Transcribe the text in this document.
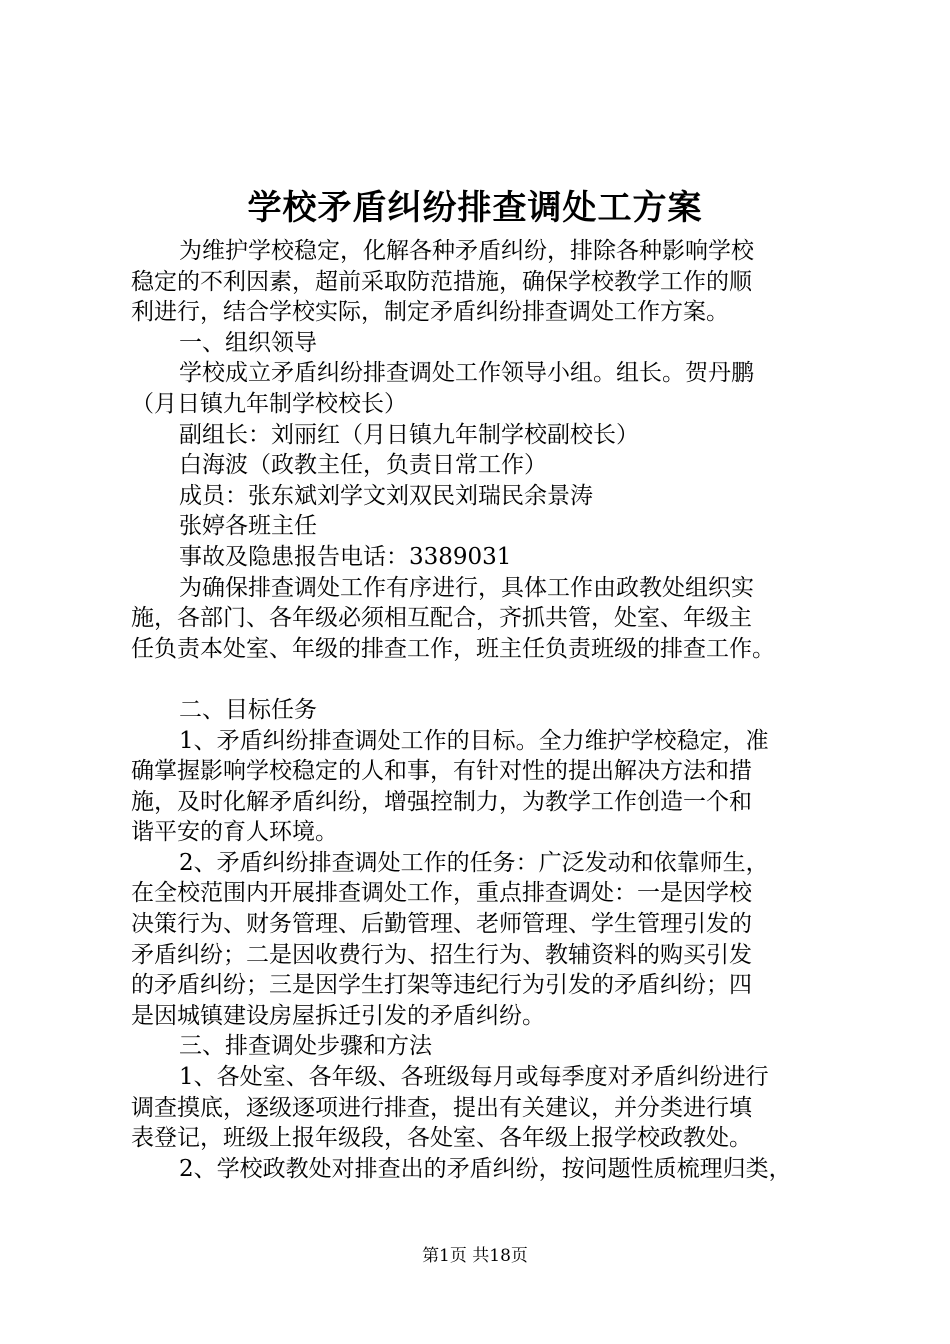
学校矛盾纠纷排查调处工方案
为维护学校稳定，化解各种矛盾纠纷，排除各种影响学校
稳定的不利因素，超前采取防范措施，确保学校教学工作的顺
利进行，结合学校实际，制定矛盾纠纷排查调处工作方案。
一、组织领导
学校成立矛盾纠纷排查调处工作领导小组。组长。贺丹鹏
（月日镇九年制学校校长）
副组长：刘丽红（月日镇九年制学校副校长）
白海波（政教主任，负责日常工作）
成员：张东斌刘学文刘双民刘瑞民余景涛
张婷各班主任
事故及隐患报告电话：3389031
为确保排查调处工作有序进行，具体工作由政教处组织实
施，各部门、各年级必须相互配合，齐抓共管，处室、年级主
任负责本处室、年级的排查工作，班主任负责班级的排查工作。
二、目标任务
1、矛盾纠纷排查调处工作的目标。全力维护学校稳定，准
确掌握影响学校稳定的人和事，有针对性的提出解决方法和措
施，及时化解矛盾纠纷，增强控制力，为教学工作创造一个和
谐平安的育人环境。
2、矛盾纠纷排查调处工作的任务：广泛发动和依靠师生，
在全校范围内开展排查调处工作，重点排查调处：一是因学校
决策行为、财务管理、后勤管理、老师管理、学生管理引发的
矛盾纠纷；二是因收费行为、招生行为、教辅资料的购买引发
的矛盾纠纷；三是因学生打架等违纪行为引发的矛盾纠纷；四
是因城镇建设房屋拆迁引发的矛盾纠纷。
三、排查调处步骤和方法
1、各处室、各年级、各班级每月或每季度对矛盾纠纷进行
调查摸底，逐级逐项进行排查，提出有关建议，并分类进行填
表登记，班级上报年级段，各处室、各年级上报学校政教处。
2、学校政教处对排查出的矛盾纠纷，按问题性质梳理归类，
第1页 共18页
